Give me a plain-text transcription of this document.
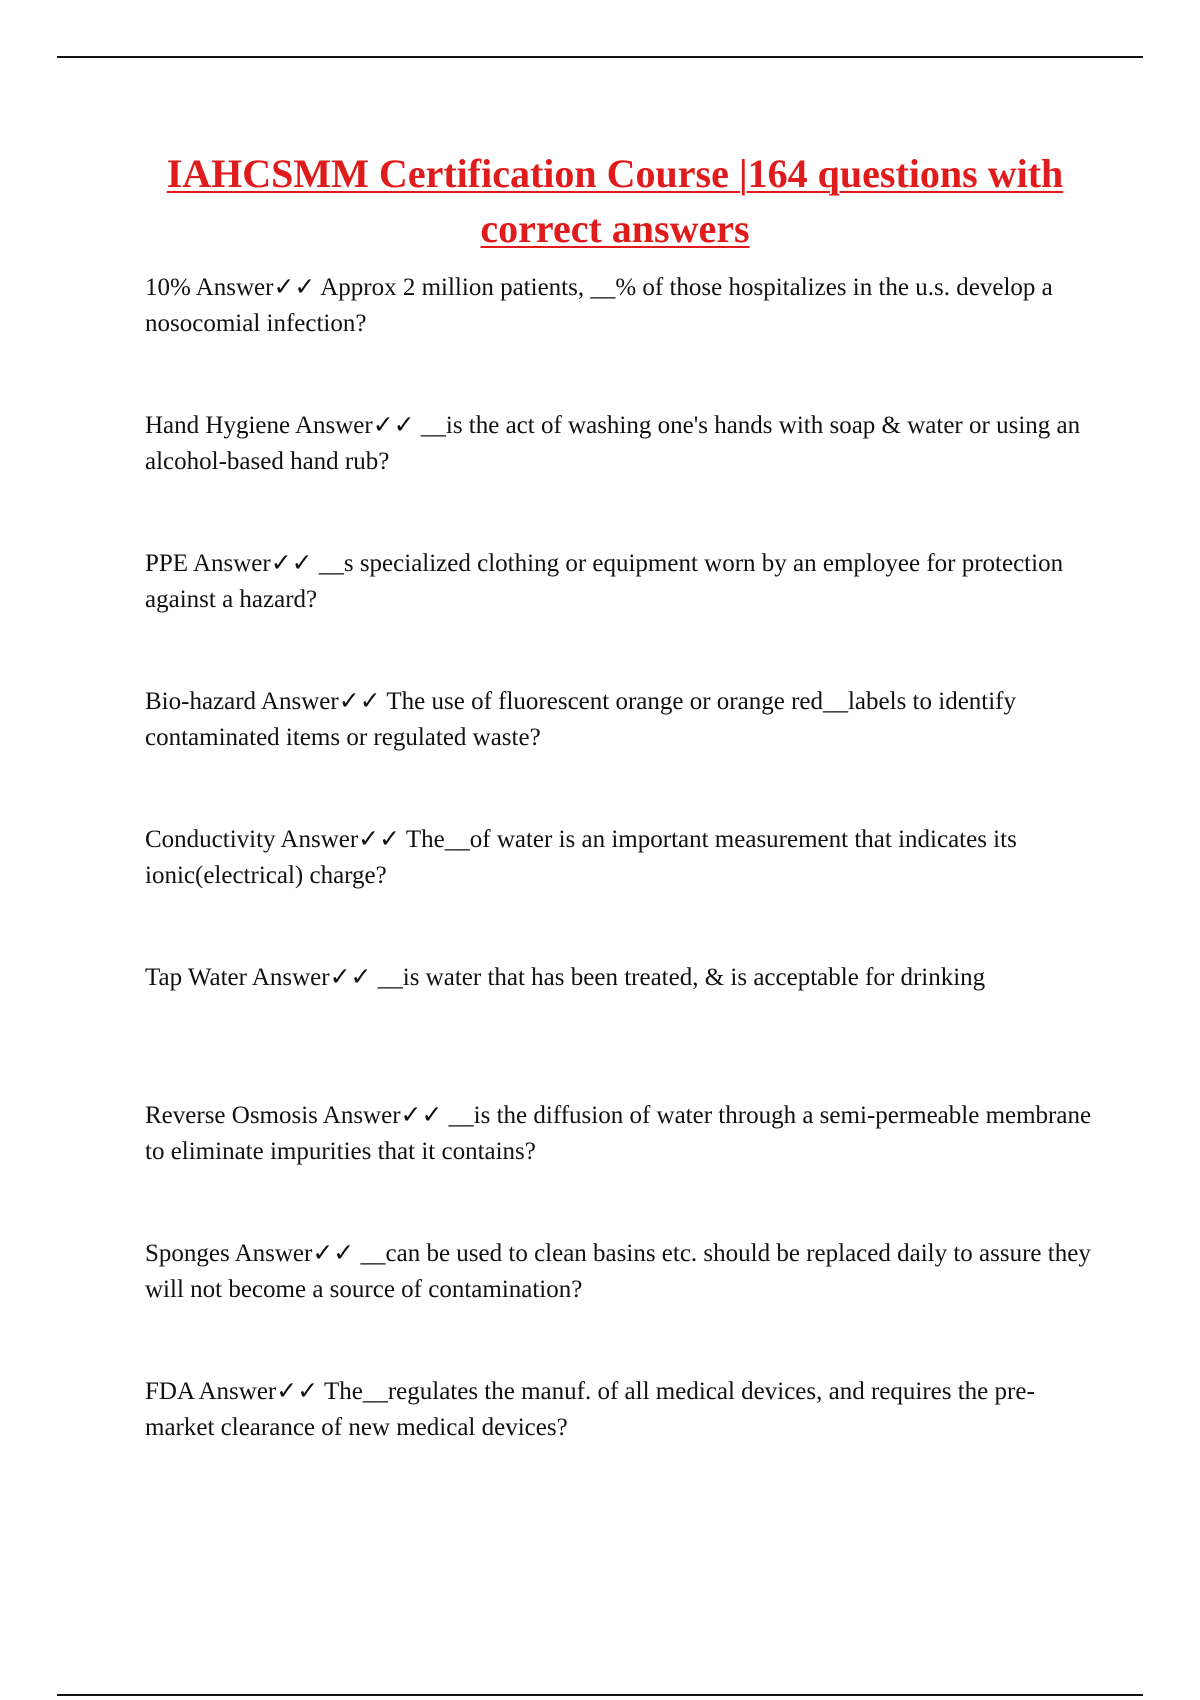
IAHCSMM Certification Course |164 questions with correct answers

10% Answer✓✓ Approx 2 million patients, __% of those hospitalizes in the u.s. develop a nosocomial infection?

Hand Hygiene Answer✓✓ __is the act of washing one's hands with soap & water or using an alcohol-based hand rub?

PPE Answer✓✓ __s specialized clothing or equipment worn by an employee for protection against a hazard?

Bio-hazard Answer✓✓ The use of fluorescent orange or orange red__labels to identify contaminated items or regulated waste?

Conductivity Answer✓✓ The__of water is an important measurement that indicates its ionic(electrical) charge?

Tap Water Answer✓✓ __is water that has been treated, & is acceptable for drinking

Reverse Osmosis Answer✓✓ __is the diffusion of water through a semi-permeable membrane to eliminate impurities that it contains?

Sponges Answer✓✓ __can be used to clean basins etc. should be replaced daily to assure they will not become a source of contamination?

FDA Answer✓✓ The__regulates the manuf. of all medical devices, and requires the pre-market clearance of new medical devices?
